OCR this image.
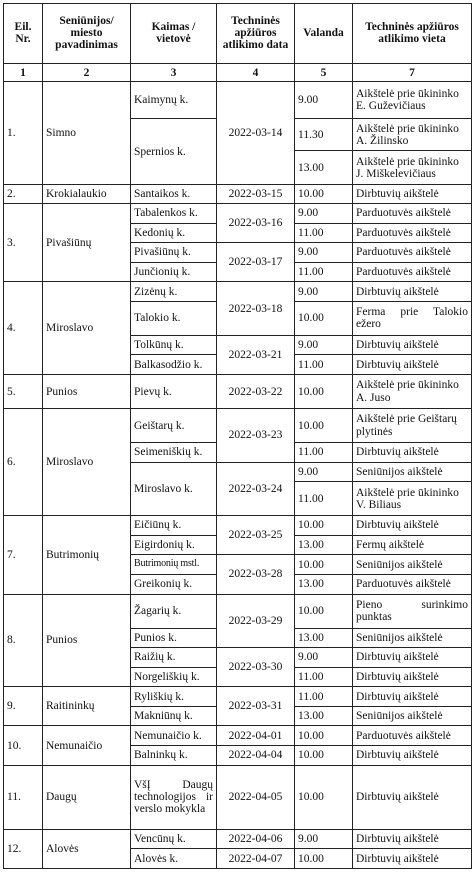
Eil. Nr.	Seniūnijos/ miesto pavadinimas	Kaimas / vietovė	Techninės apžiūros atlikimo data	Valanda	Techninės apžiūros atlikimo vieta
1	2	3	4	5	7
1.	Simno	Kaimynų k.	2022-03-14	9.00	Aikštelė prie ūkininko E. Guževičiaus
		Spernios k.		11.30	Aikštelė prie ūkininko A. Žilinsko
				13.00	Aikštelė prie ūkininko J. Miškelevičiaus
2.	Krokialaukio	Santaikos k.	2022-03-15	10.00	Dirbtuvių aikštelė
3.	Pivašiūnų	Tabalenkos k.	2022-03-16	9.00	Parduotuvės aikštelė
		Kedonių k.		11.00	Parduotuvės aikštelė
		Pivašiūnų k.	2022-03-17	9.00	Parduotuvės aikštelė
		Junčionių k.		11.00	Parduotuvės aikštelė
4.	Miroslavo	Zizėnų k.	2022-03-18	9.00	Dirbtuvių aikštelė
		Talokio k.		10.00	Ferma prie Talokio ežero
		Tolkūnų k.	2022-03-21	9.00	Dirbtuvių aikštelė
		Balkasodžio k.		11.00	Dirbtuvių aikštelė
5.	Punios	Pievų k.	2022-03-22	10.00	Aikštelė prie ūkininko A. Juso
6.	Miroslavo	Geištarų k.	2022-03-23	10.00	Aikštelė prie Geištarų plytinės
		Seimeniškių k.		11.00	Dirbtuvių aikštelė
		Miroslavo k.	2022-03-24	9.00	Seniūnijos aikštelė
				11.00	Aikštelė prie ūkininko V. Biliaus
7.	Butrimonių	Eičiūnų k.	2022-03-25	10.00	Dirbtuvių aikštelė
		Eigirdonių k.		13.00	Fermų aikštelė
		Butrimonių mstl.	2022-03-28	10.00	Seniūnijos aikštelė
		Greikonių k.		13.00	Parduotuvės aikštelė
8.	Punios	Žagarių k.	2022-03-29	10.00	Pieno surinkimo punktas
		Punios k.		13.00	Seniūnijos aikštelė
		Raižių k.	2022-03-30	9.00	Dirbtuvių aikštelė
		Norgeliškių k.		11.00	Dirbtuvių aikštelė
9.	Raitininkų	Ryliškių k.	2022-03-31	11.00	Dirbtuvių aikštelė
		Makniūnų k.		13.00	Seniūnijos aikštelė
10.	Nemunaičio	Nemunaičio k.	2022-04-01	10.00	Parduotuvės aikštelė
		Balninkų k.	2022-04-04	10.00	Dirbtuvių aikštelė
11.	Daugų	VšĮ Daugų technologijos ir verslo mokykla	2022-04-05	10.00	Dirbtuvių aikštelė
12.	Alovės	Vencūnų k.	2022-04-06	9.00	Dirbtuvių aikštelė
		Alovės k.	2022-04-07	10.00	Dirbtuvių aikštelė
